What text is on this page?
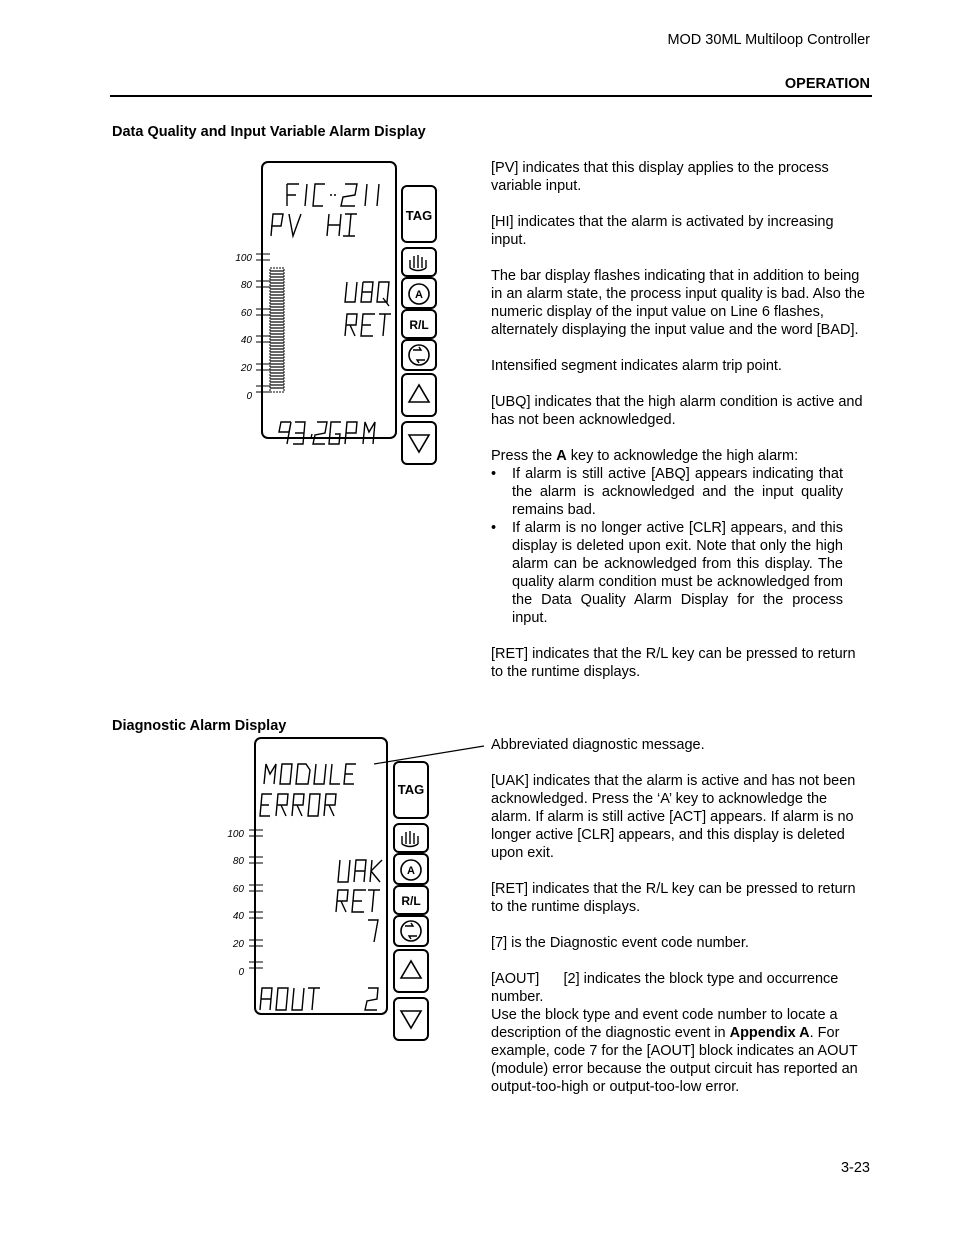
MOD 30ML Multiloop Controller
OPERATION
Data Quality and Input Variable Alarm Display
100
80
60
40
20
0
TAG
A
R/L

[PV] indicates that this display applies to the process variable input.

[HI] indicates that the alarm is activated by increasing input.

The bar display flashes indicating that in addition to being in an alarm state, the process input quality is bad. Also the numeric display of the input value on Line 6 flashes, alternately displaying the input value and the word [BAD].

Intensified segment indicates alarm trip point.

[UBQ] indicates that the high alarm condition is active and has not been acknowledged.

Press the A key to acknowledge the high alarm:

• If alarm is still active [ABQ] appears indicating that the alarm is acknowledged and the input quality remains bad.
• If alarm is no longer active [CLR] appears, and this display is deleted upon exit. Note that only the high alarm can be acknowledged from this display. The quality alarm condition must be acknowledged from the Data Quality Alarm Display for the process input.

[RET] indicates that the R/L key can be pressed to return to the runtime displays.

Diagnostic Alarm Display
100
80
60
40
20
0
TAG
A
R/L

Abbreviated diagnostic message.

[UAK] indicates that the alarm is active and has not been acknowledged. Press the ‘A’ key to acknowledge the alarm. If alarm is still active [ACT] appears. If alarm is no longer active [CLR] appears, and this display is deleted upon exit.

[RET] indicates that the R/L key can be pressed to return to the runtime displays.

[7] is the Diagnostic event code number.

[AOUT]      [2] indicates the block type and occurrence number.

Use the block type and event code number to locate a description of the diagnostic event in Appendix A. For example, code 7 for the [AOUT] block indicates an AOUT (module) error because the output circuit has reported an output-too-high or output-too-low error.

3-23
